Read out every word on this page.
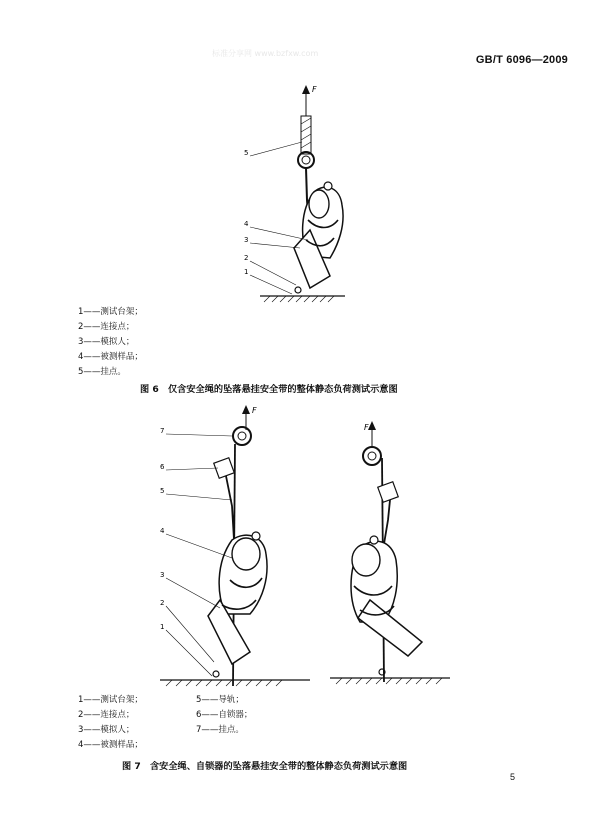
GB/T 6096—2009
标准分享网 www.bzfxw.com
F
5
4
3
2
1
1——测试台架；
2——连接点；
3——模拟人；
4——被测样品；
5——挂点。
图 6　仅含安全绳的坠落悬挂安全带的整体静态负荷测试示意图
F
7
6
5
4
3
2
1
F
1——测试台架；
2——连接点；
3——模拟人；
4——被测样品；
5——导轨；
6——自锁器；
7——挂点。
图 7　含安全绳、自锁器的坠落悬挂安全带的整体静态负荷测试示意图
5
